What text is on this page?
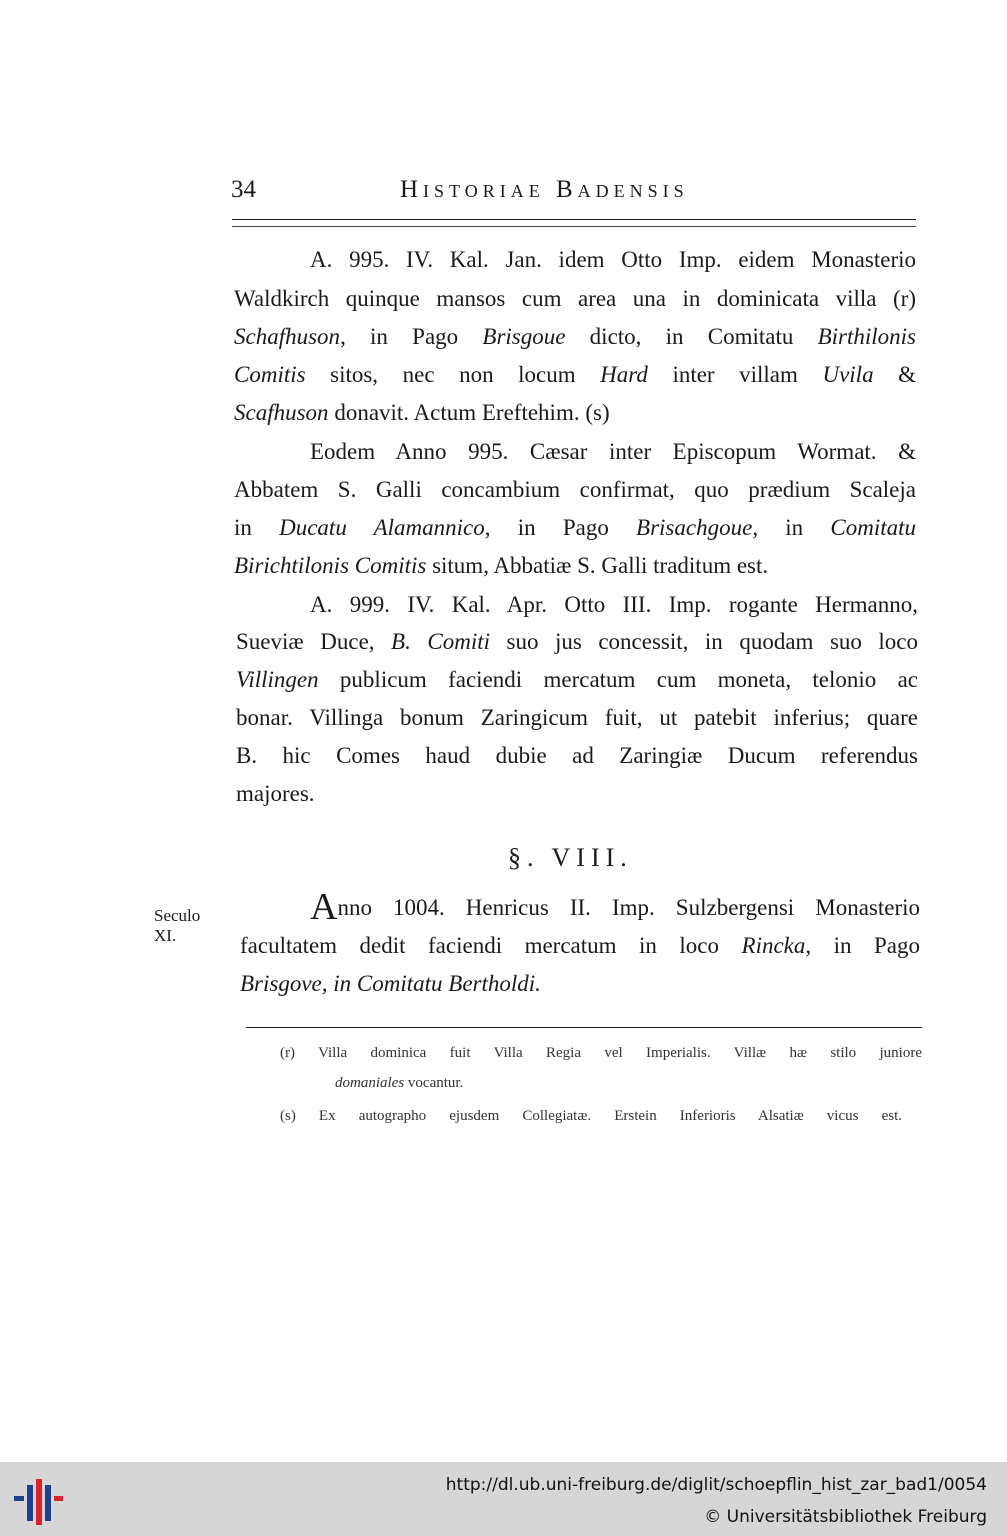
34	Historiae Badensis
A. 995. IV. Kal. Jan. idem Otto Imp. eidem Monasterio
Waldkirch quinque mansos cum area una in dominicata villa (r)
Schafhuson, in Pago Brisgoue dicto, in Comitatu Birthilonis
Comitis sitos, nec non locum Hard inter villam Uvila &
Scafhuson donavit. Actum Ereftehim. (s)
Eodem Anno 995. Cæsar inter Episcopum Wormat. &
Abbatem S. Galli concambium confirmat, quo prædium Scaleja
in Ducatu Alamannico, in Pago Brisachgoue, in Comitatu
Birichtilonis Comitis situm, Abbatiæ S. Galli traditum est.
A. 999. IV. Kal. Apr. Otto III. Imp. rogante Hermanno,
Sueviæ Duce, B. Comiti suo jus concessit, in quodam suo loco
Villingen publicum faciendi mercatum cum moneta, telonio ac
bonar. Villinga bonum Zaringicum fuit, ut patebit inferius; quare
B. hic Comes haud dubie ad Zaringiæ Ducum referendus
majores.
§. VIII.
Seculo
XI.
Anno 1004. Henricus II. Imp. Sulzbergensi Monasterio
facultatem dedit faciendi mercatum in loco Rincka, in Pago
Brisgove, in Comitatu Bertholdi.
(r) Villa dominica fuit Villa Regia vel Imperialis. Villæ hæ stilo juniore
domaniales vocantur.
(s) Ex autographo ejusdem Collegiatæ. Erstein Inferioris Alsatiæ vicus est.
http://dl.ub.uni-freiburg.de/diglit/schoepflin_hist_zar_bad1/0054
© Universitätsbibliothek Freiburg
